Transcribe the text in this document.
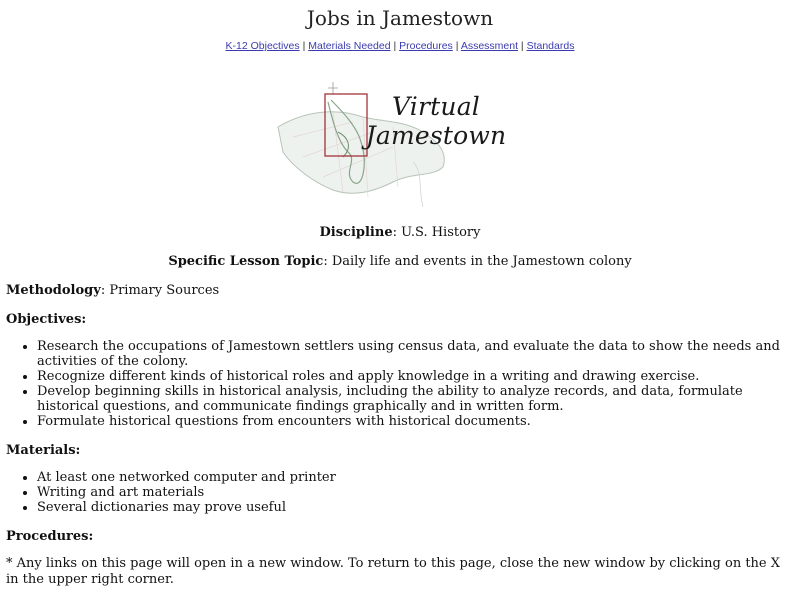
Jobs in Jamestown
K-12 Objectives | Materials Needed | Procedures | Assessment | Standards
Virtual Jamestown

Discipline: U.S. History

Specific Lesson Topic: Daily life and events in the Jamestown colony

Methodology: Primary Sources

Objectives:
• Research the occupations of Jamestown settlers using census data, and evaluate the data to show the needs and activities of the colony.
• Recognize different kinds of historical roles and apply knowledge in a writing and drawing exercise.
• Develop beginning skills in historical analysis, including the ability to analyze records, and data, formulate historical questions, and communicate findings graphically and in written form.
• Formulate historical questions from encounters with historical documents.
Materials:
• At least one networked computer and printer
• Writing and art materials
• Several dictionaries may prove useful
Procedures:

* Any links on this page will open in a new window. To return to this page, close the new window by clicking on the X in the upper right corner.
